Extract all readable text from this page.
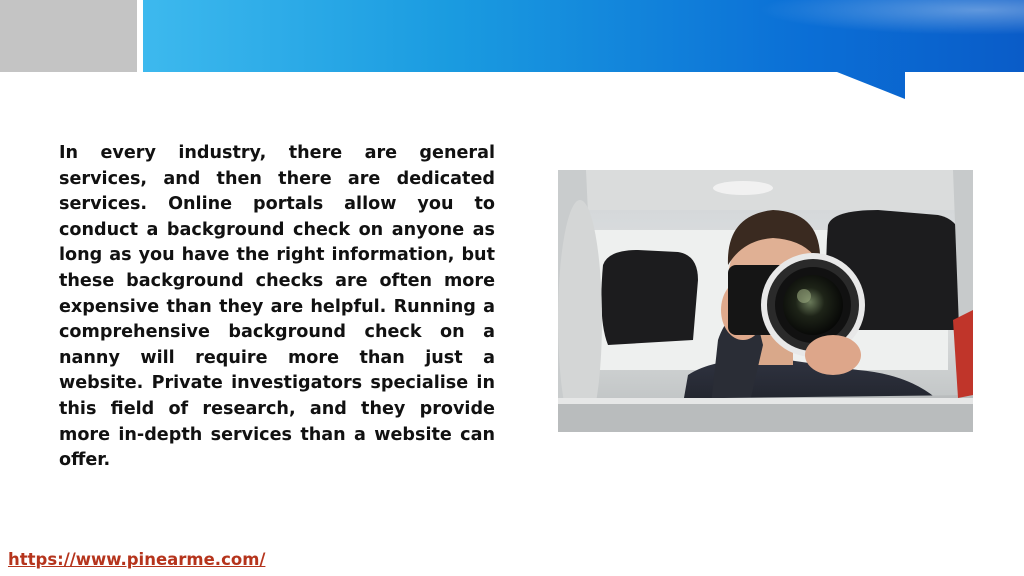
In every industry, there are general services, and then there are dedicated services. Online portals allow you to conduct a background check on anyone as long as you have the right information, but these background checks are often more expensive than they are helpful. Running a comprehensive background check on a nanny will require more than just a website. Private investigators specialise in this field of research, and they provide more in-depth services than a website can offer.

https://www.pinearme.com/
